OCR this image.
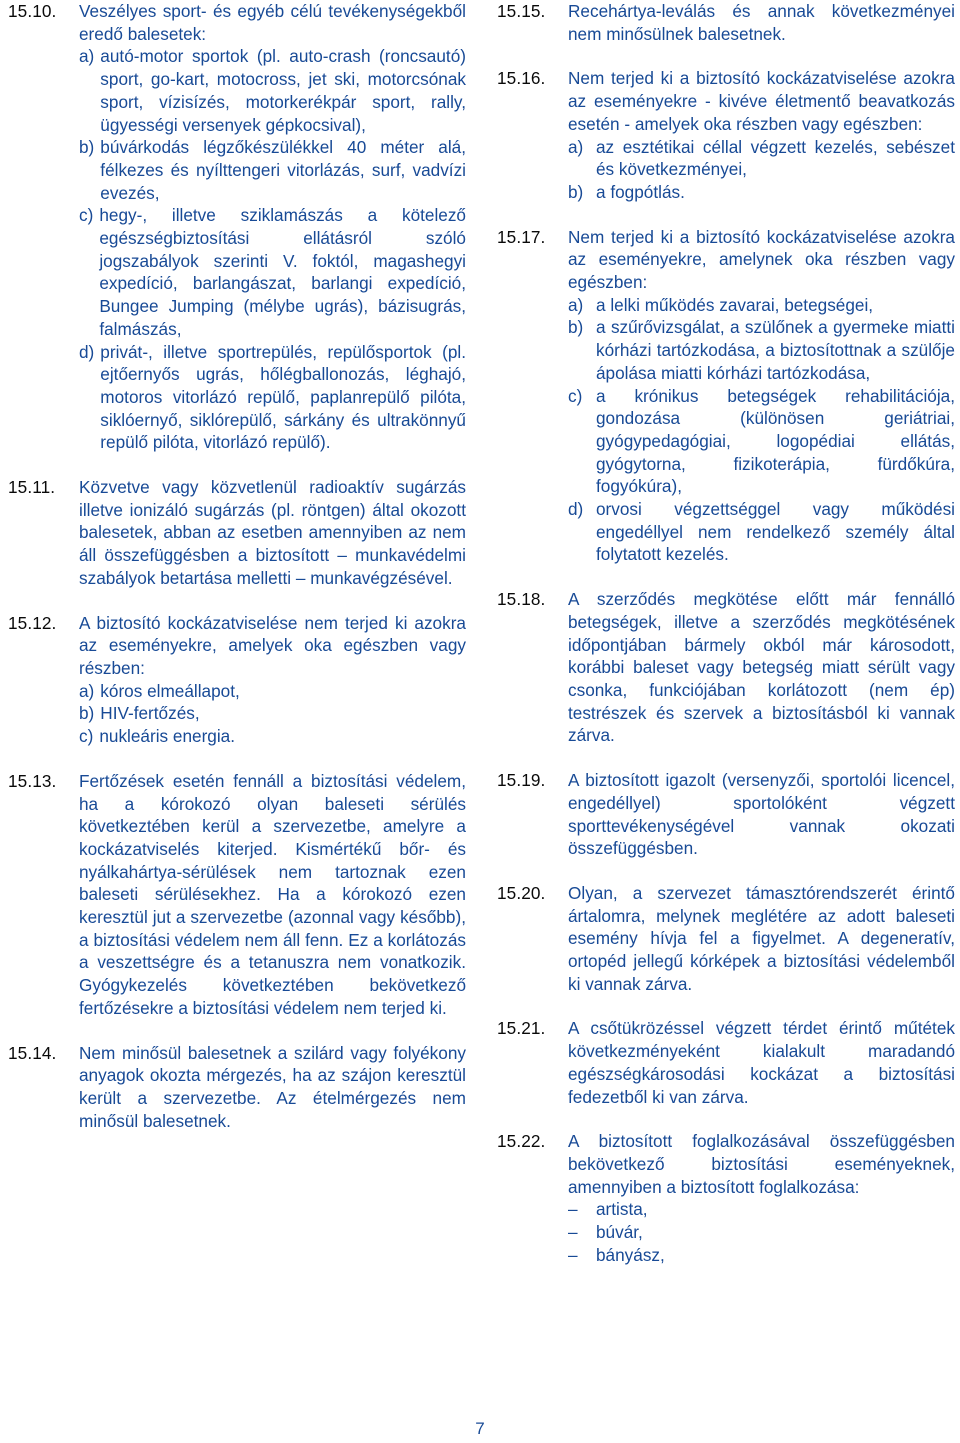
15.10.	Veszélyes sport- és egyéb célú tevékenységekből eredő balesetek:

a) autó-motor sportok (pl. auto-crash (roncsautó) sport, go-kart, motocross, jet ski, motorcsónak sport, vízisízés, motorkerékpár sport, rally, ügyességi versenyek gépkocsival),
b) búvárkodás légzőkészülékkel 40 méter alá, félkezes és nyílttengeri vitorlázás, surf, vadvízi evezés,
c) hegy-, illetve sziklamászás a kötelező egészségbiztosítási ellátásról szóló jogszabályok szerinti V. foktól, magashegyi expedíció, barlangászat, barlangi expedíció, Bungee Jumping (mélybe ugrás), bázisugrás, falmászás,
d) privát-, illetve sportrepülés, repülősportok (pl. ejtőernyős ugrás, hőlégballonozás, léghajó, motoros vitorlázó repülő, paplanrepülő pilóta, siklóernyő, siklórepülő, sárkány és ultrakönnyű repülő pilóta, vitorlázó repülő).
15.11.	Közvetve vagy közvetlenül radioaktív sugárzás illetve ionizáló sugárzás (pl. röntgen) által okozott balesetek, abban az esetben amennyiben az nem áll összefüggésben a biztosított – munkavédelmi szabályok betartása melletti – munkavégzésével.

15.12.	A biztosító kockázatviselése nem terjed ki azokra az eseményekre, amelyek oka egészben vagy részben:

a) kóros elmeállapot,
b) HIV-fertőzés,
c) nukleáris energia.
15.13.	Fertőzések esetén fennáll a biztosítási védelem, ha a kórokozó olyan baleseti sérülés következtében kerül a szervezetbe, amelyre a kockázatviselés kiterjed. Kismértékű bőr- és nyálkahártya-sérülések nem tartoznak ezen baleseti sérülésekhez. Ha a kórokozó ezen keresztül jut a szervezetbe (azonnal vagy később), a biztosítási védelem nem áll fenn. Ez a korlátozás a veszettségre és a tetanuszra nem vonatkozik. Gyógykezelés következtében bekövetkező fertőzésekre a biztosítási védelem nem terjed ki.

15.14.	Nem minősül balesetnek a szilárd vagy folyékony anyagok okozta mérgezés, ha az szájon keresztül került a szervezetbe. Az ételmérgezés nem minősül balesetnek.

15.15.	Recehártya-leválás és annak következményei nem minősülnek balesetnek.

15.16.	Nem terjed ki a biztosító kockázatviselése azokra az eseményekre - kivéve életmentő beavatkozás esetén - amelyek oka részben vagy egészben:

a) az esztétikai céllal végzett kezelés, sebészet és következményei,
b) a fogpótlás.
15.17.	Nem terjed ki a biztosító kockázatviselése azokra az eseményekre, amelynek oka részben vagy egészben:

a) a lelki működés zavarai, betegségei,
b) a szűrővizsgálat, a szülőnek a gyermeke miatti kórházi tartózkodása, a biztosítottnak a szülője ápolása miatti kórházi tartózkodása,
c) a krónikus betegségek rehabilitációja, gondozása (különösen geriátriai, gyógypedagógiai, logopédiai ellátás, gyógytorna, fizikoterápia, fürdőkúra, fogyókúra),
d) orvosi végzettséggel vagy működési engedéllyel nem rendelkező személy által folytatott kezelés.
15.18.	A szerződés megkötése előtt már fennálló betegségek, illetve a szerződés megkötésének időpontjában bármely okból már károsodott, korábbi baleset vagy betegség miatt sérült vagy csonka, funkciójában korlátozott (nem ép) testrészek és szervek a biztosításból ki vannak zárva.

15.19.	A biztosított igazolt (versenyzői, sportolói licencel, engedéllyel) sportolóként végzett sporttevékenységével vannak okozati összefüggésben.

15.20.	Olyan, a szervezet támasztórendszerét érintő ártalomra, melynek meglétére az adott baleseti esemény hívja fel a figyelmet. A degeneratív, ortopéd jellegű kórképek a biztosítási védelemből ki vannak zárva.

15.21.	A csőtükrözéssel végzett térdet érintő műtétek következményeként kialakult maradandó egészségkárosodási kockázat a biztosítási fedezetből ki van zárva.

15.22.	A biztosított foglalkozásával összefüggésben bekövetkező biztosítási eseményeknek, amennyiben a biztosított foglalkozása:

–	artista,
–	búvár,
–	bányász,
7
